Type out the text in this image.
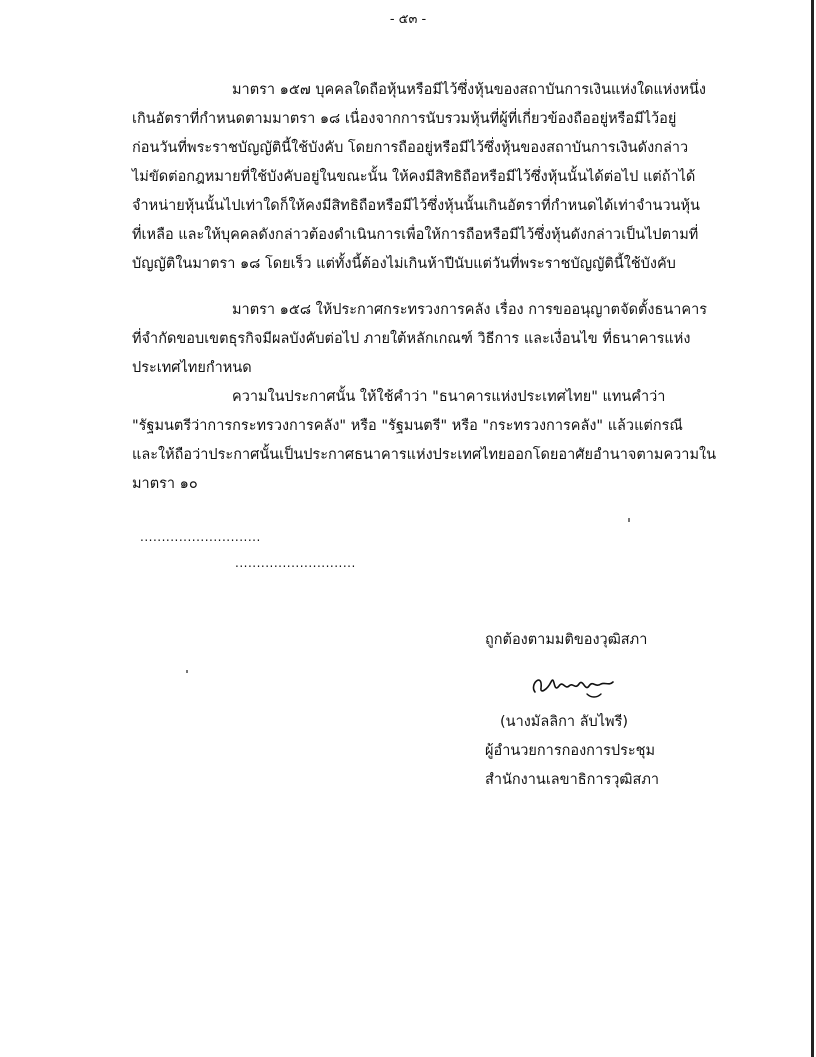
- ๕๓ -
มาตรา ๑๕๗ บุคคลใดถือหุ้นหรือมีไว้ซึ่งหุ้นของสถาบันการเงินแห่งใดแห่งหนึ่ง
เกินอัตราที่กำหนดตามมาตรา ๑๘ เนื่องจากการนับรวมหุ้นที่ผู้ที่เกี่ยวข้องถืออยู่หรือมีไว้อยู่
ก่อนวันที่พระราชบัญญัตินี้ใช้บังคับ โดยการถืออยู่หรือมีไว้ซึ่งหุ้นของสถาบันการเงินดังกล่าว
ไม่ขัดต่อกฎหมายที่ใช้บังคับอยู่ในขณะนั้น ให้คงมีสิทธิถือหรือมีไว้ซึ่งหุ้นนั้นได้ต่อไป แต่ถ้าได้
จำหน่ายหุ้นนั้นไปเท่าใดก็ให้คงมีสิทธิถือหรือมีไว้ซึ่งหุ้นนั้นเกินอัตราที่กำหนดได้เท่าจำนวนหุ้น
ที่เหลือ และให้บุคคลดังกล่าวต้องดำเนินการเพื่อให้การถือหรือมีไว้ซึ่งหุ้นดังกล่าวเป็นไปตามที่
บัญญัติในมาตรา ๑๘ โดยเร็ว แต่ทั้งนี้ต้องไม่เกินห้าปีนับแต่วันที่พระราชบัญญัตินี้ใช้บังคับ
มาตรา ๑๕๘ ให้ประกาศกระทรวงการคลัง เรื่อง การขออนุญาตจัดตั้งธนาคาร
ที่จำกัดขอบเขตธุรกิจมีผลบังคับต่อไป ภายใต้หลักเกณฑ์ วิธีการ และเงื่อนไข ที่ธนาคารแห่ง
ประเทศไทยกำหนด
ความในประกาศนั้น ให้ใช้คำว่า "ธนาคารแห่งประเทศไทย" แทนคำว่า
"รัฐมนตรีว่าการกระทรวงการคลัง" หรือ "รัฐมนตรี" หรือ "กระทรวงการคลัง" แล้วแต่กรณี
และให้ถือว่าประกาศนั้นเป็นประกาศธนาคารแห่งประเทศไทยออกโดยอาศัยอำนาจตามความใน
มาตรา ๑๐
............................
............................
ถูกต้องตามมติของวุฒิสภา
(นางมัลลิกา ลับไพรี)
ผู้อำนวยการกองการประชุม
สำนักงานเลขาธิการวุฒิสภา
